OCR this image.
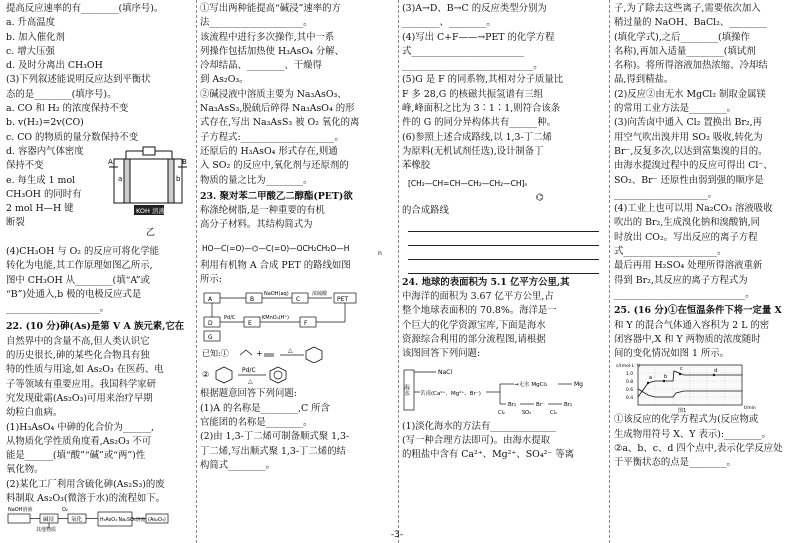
提高反应速率的有________(填序号)。
a. 升高温度
b. 加入催化剂
c. 增大压强
d. 及时分离出 CH₃OH
(3)下列叙述能说明反应达到平衡状
态的是________(填序号)。
a. CO 和 H₂ 的浓度保持不变
b. v(H₂)=2v(CO)
c. CO 的物质的量分数保持不变
d. 容器内气体密度
保持不变
e. 每生成 1 mol
CH₃OH 的同时有
2 mol H—H 键
断裂
a	b
A	B
KOH 溶液
乙
(4)CH₃OH 与 O₂ 的反应可将化学能
转化为电能,其工作原理如图乙所示,
图中 CH₃OH 从________(填“A”或
“B”)处通入,b 极的电极反应式是
____________________。
22. (10 分)砷(As)是第 V A 族元素,它在
自然界中的含量不高,但人类认识它
的历史很长,砷的某些化合物具有独
特的性质与用途,如 As₂O₃ 在医药、电
子等领域有重要应用。我国科学家研
究发现砒霜(As₂O₃)可用来治疗早期
幼粒白血病。
(1)H₃AsO₄ 中砷的化合价为______,
从物质化学性质角度看,As₂O₃ 不可
能是______(填“酸”“碱”或“两”)性
氧化物。
(2)某化工厂利用含硫化砷(As₂S₃)的废
料制取 As₂O₃(微溶于水)的流程如下。
NaOH溶液	O₂
碱浸	氧化	H₃AsO₄ Na₂SO₄溶液 (As₂O₃)
其他物质
①写出两种能提高“碱浸”速率的方
法____________________。
该流程中进行多次操作,其中一系
列操作包括加热使 H₃AsO₄ 分解、
冷却结晶、________、干燥得
到 As₂O₃。
②碱浸液中溶质主要为 Na₃AsO₃、
Na₃AsS₃,脱硫后碎得 Na₃AsO₄ 的形
式存在,写出 Na₃AsS₃ 被 O₂ 氧化的离
子方程式:____________________。
还原后的 H₃AsO₄ 形式存在,则通
入 SO₂ 的反应中,氧化剂与还原剂的
物质的量之比为________。
23. 聚对苯二甲酸乙二醇酯(PET)欲
称涤纶树脂,是一种重要的有机
高分子材料。其结构简式为
HO—C(=O)—⌬—C(=O)—OCH₂CH₂O—H
n
利用有机物 A 合成 PET 的路线如图
所示:
A	B
NaOH(aq)
C
浓硫酸
PET
D
Pd/C
E
KMnO₄(H⁺)
F
G
已知:①	+	△
②	Pd/C
△
根据题意回答下列问题:
(1)A 的名称是________,C 所含
官能团的名称是________。
(2)由 1,3-丁二烯可制备顺式聚 1,3-
丁二烯,写出顺式聚 1,3-丁二烯的结
构简式________。
(3)A→D、B→C 的反应类型分别为
________、________。
(4)写出 C+F——→PET 的化学方程
式________________________
____________________________。
(5)G 是 F 的同系物,其相对分子质量比
F 多 28,G 的核磁共振氢谱有三组
峰,峰面积之比为 3∶1∶1,则符合该条
件的 G 的同分异构体共有______种。
(6)参照上述合成路线,以 1,3-丁二烯
为原料(无机试剂任选),设计制备丁
苯橡胶
[CH₂—CH=CH—CH₂—CH₂—CH]ₙ
⌬
的合成路线
24. 地球的表面积为 5.1 亿平方公里,其
中海洋的面积为 3.67 亿平方公里,占
整个地球表面积的 70.8%。海洋是一
个巨大的化学资源宝库,下面是海水
资源综合利用的部分流程图,请根据
该图回答下列问题:
海水
NaCl
苦卤(Ca²⁺、Mg²⁺、Br⁻)
→无水 MgCl₂	Mg
Cl₂
Br₂
SO₂
Br⁻
Cl₂
Br₂
(1)淡化海水的方法有______________
(写一种合理方法即可)。由海水提取
的粗盐中含有 Ca²⁺、Mg²⁺、SO₄²⁻ 等离
子,为了除去这些离子,需要依次加入
稍过量的 NaOH、BaCl₂、________
(填化学式),之后________(填操作
名称),再加入适量________(填试剂
名称)。将所得溶液加热浓缩、冷却结
晶,得到精盐。
(2)反应②由无水 MgCl₂ 制取金属镁
的常用工业方法是________。
(3)向苦卤中通入 Cl₂ 置换出 Br₂,再
用空气吹出溴并用 SO₂ 吸收,转化为
Br⁻,反复多次,以达到富集溴的目的。
由海水提溴过程中的反应可得出 Cl⁻、
SO₂、Br⁻ 还原性由弱到强的顺序是
____________________。
(4)工业上也可以用 Na₂CO₃ 溶液吸收
吹出的 Br₂,生成溴化钠和溴酸钠,同
时放出 CO₂。写出反应的离子方程
式____________________。
最后再用 H₂SO₄ 处理所得溶液重新
得到 Br₂,其反应的离子方程式为
____________________________。
25. (16 分)①在恒温条件下将一定量 X
和 Y 的混合气体通入容积为 2 L 的密
闭容器中,X 和 Y 两物质的浓度随时
间的变化情况如图 1 所示。
a b
c	d
c/(mol·L⁻¹)
1.0
0.8
0.6
0.4
t/min
图1
①该反应的化学方程式为(反应物或
生成物用符号 X、Y 表示):________。
②a、b、c、d 四个点中,表示化学反应处
于平衡状态的点是________。
-3-
